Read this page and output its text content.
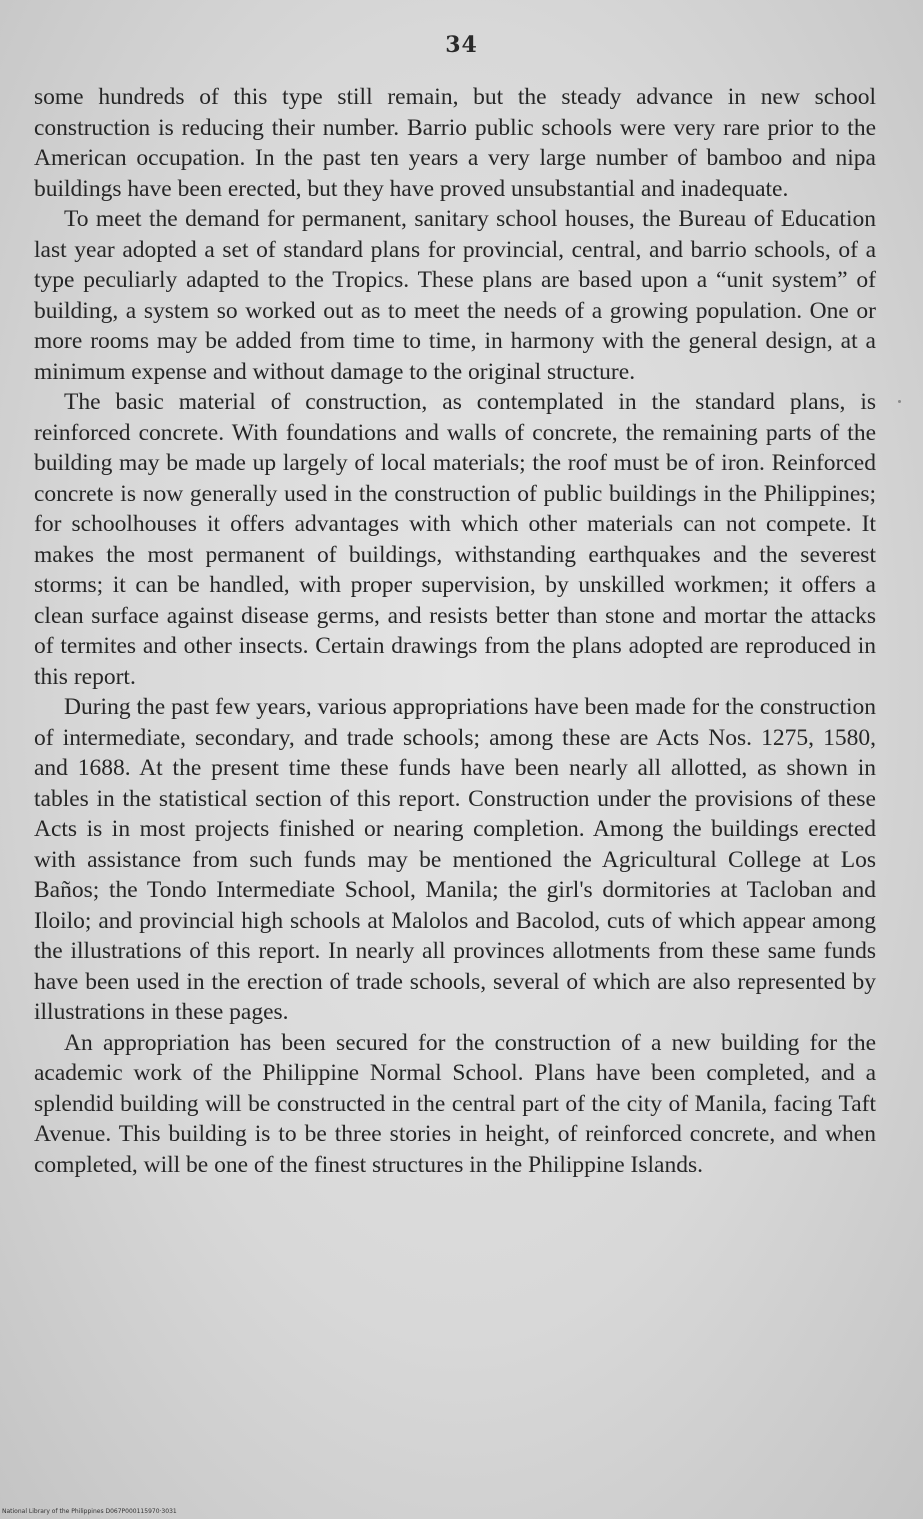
34

some hundreds of this type still remain, but the steady advance in new school construction is reducing their number. Barrio public schools were very rare prior to the American occupation. In the past ten years a very large number of bamboo and nipa buildings have been erected, but they have proved unsubstantial and inadequate.

To meet the demand for permanent, sanitary school houses, the Bureau of Education last year adopted a set of standard plans for provincial, central, and barrio schools, of a type peculiarly adapted to the Tropics. These plans are based upon a “unit system” of building, a system so worked out as to meet the needs of a growing population. One or more rooms may be added from time to time, in harmony with the general design, at a minimum expense and without damage to the original structure.

The basic material of construction, as contemplated in the standard plans, is reinforced concrete. With foundations and walls of concrete, the remaining parts of the building may be made up largely of local materials; the roof must be of iron. Reinforced concrete is now generally used in the construction of public buildings in the Philippines; for schoolhouses it offers advantages with which other materials can not compete. It makes the most permanent of buildings, withstanding earthquakes and the severest storms; it can be handled, with proper supervision, by unskilled workmen; it offers a clean surface against disease germs, and resists better than stone and mortar the attacks of termites and other insects. Certain drawings from the plans adopted are reproduced in this report.

During the past few years, various appropriations have been made for the construction of intermediate, secondary, and trade schools; among these are Acts Nos. 1275, 1580, and 1688. At the present time these funds have been nearly all allotted, as shown in tables in the statistical section of this report. Construction under the provisions of these Acts is in most projects finished or nearing completion. Among the buildings erected with assistance from such funds may be mentioned the Agricultural College at Los Baños; the Tondo Intermediate School, Manila; the girl's dormitories at Tacloban and Iloilo; and provincial high schools at Malolos and Bacolod, cuts of which appear among the illustrations of this report. In nearly all provinces allotments from these same funds have been used in the erection of trade schools, several of which are also represented by illustrations in these pages.

An appropriation has been secured for the construction of a new building for the academic work of the Philippine Normal School. Plans have been completed, and a splendid building will be constructed in the central part of the city of Manila, facing Taft Avenue. This building is to be three stories in height, of reinforced concrete, and when completed, will be one of the finest structures in the Philippine Islands.

National Library of the Philippines D067P000115970·3031
